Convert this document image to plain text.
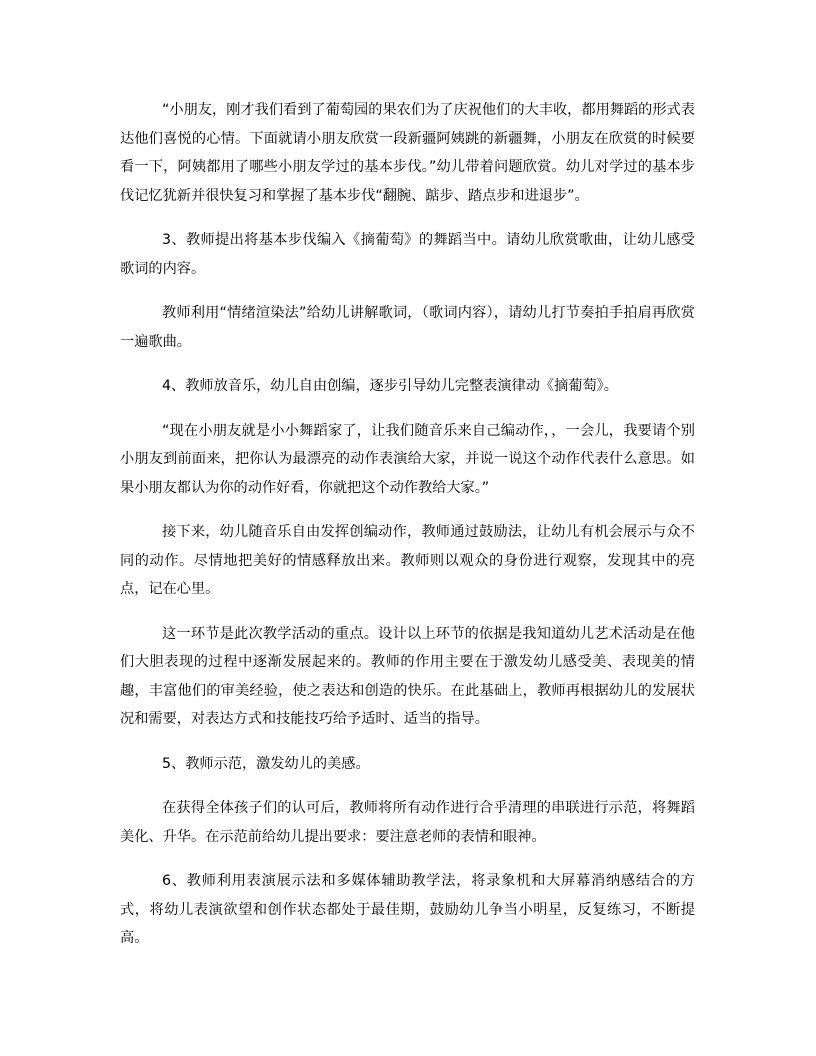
“小朋友，刚才我们看到了葡萄园的果农们为了庆祝他们的大丰收，都用舞蹈的形式表达他们喜悦的心情。下面就请小朋友欣赏一段新疆阿姨跳的新疆舞，小朋友在欣赏的时候要看一下，阿姨都用了哪些小朋友学过的基本步伐。”幼儿带着问题欣赏。幼儿对学过的基本步伐记忆犹新并很快复习和掌握了基本步伐“翻腕、踮步、踏点步和进退步”。

3、教师提出将基本步伐编入《摘葡萄》的舞蹈当中。请幼儿欣赏歌曲，让幼儿感受歌词的内容。

教师利用“情绪渲染法”给幼儿讲解歌词，（歌词内容），请幼儿打节奏拍手拍肩再欣赏一遍歌曲。

4、教师放音乐，幼儿自由创编，逐步引导幼儿完整表演律动《摘葡萄》。

“现在小朋友就是小小舞蹈家了，让我们随音乐来自己编动作，，一会儿，我要请个别小朋友到前面来，把你认为最漂亮的动作表演给大家，并说一说这个动作代表什么意思。如果小朋友都认为你的动作好看，你就把这个动作教给大家。”

接下来，幼儿随音乐自由发挥创编动作，教师通过鼓励法，让幼儿有机会展示与众不同的动作。尽情地把美好的情感释放出来。教师则以观众的身份进行观察，发现其中的亮点，记在心里。

这一环节是此次教学活动的重点。设计以上环节的依据是我知道幼儿艺术活动是在他们大胆表现的过程中逐渐发展起来的。教师的作用主要在于激发幼儿感受美、表现美的情趣，丰富他们的审美经验，使之表达和创造的快乐。在此基础上，教师再根据幼儿的发展状况和需要，对表达方式和技能技巧给予适时、适当的指导。

5、教师示范，激发幼儿的美感。

在获得全体孩子们的认可后，教师将所有动作进行合乎清理的串联进行示范，将舞蹈美化、升华。在示范前给幼儿提出要求：要注意老师的表情和眼神。

6、教师利用表演展示法和多媒体辅助教学法，将录象机和大屏幕消纳感结合的方式，将幼儿表演欲望和创作状态都处于最佳期，鼓励幼儿争当小明星，反复练习，不断提高。
